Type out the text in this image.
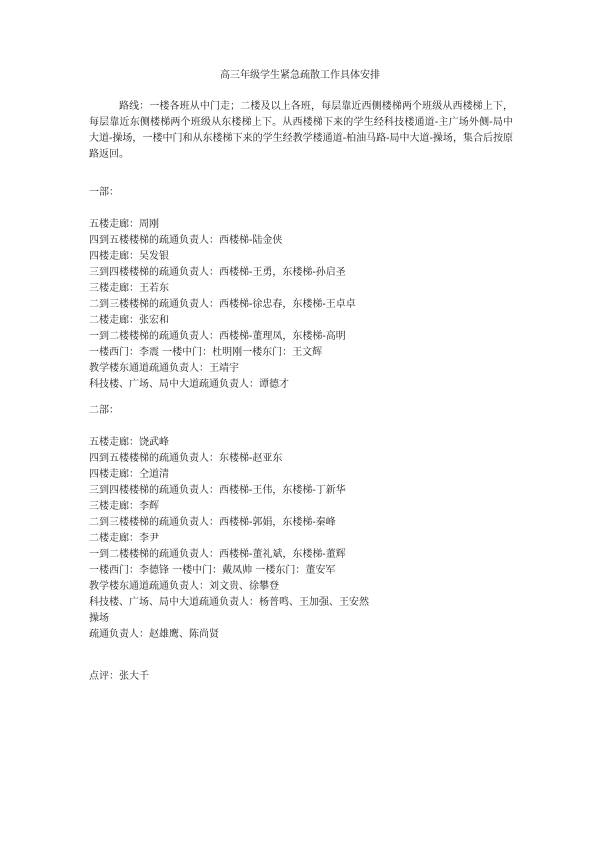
高三年级学生紧急疏散工作具体安排
路线：一楼各班从中门走；二楼及以上各班，每层靠近西侧楼梯两个班级从西楼梯上下，每层靠近东侧楼梯两个班级从东楼梯上下。从西楼梯下来的学生经科技楼通道-主广场外侧-局中大道-操场，一楼中门和从东楼梯下来的学生经教学楼通道-柏油马路-局中大道-操场，集合后按原路返回。
一部：
五楼走廊：周刚
四到五楼楼梯的疏通负责人：西楼梯-陆金侠
四楼走廊：吴发银
三到四楼楼梯的疏通负责人：西楼梯-王勇，东楼梯-孙启圣
三楼走廊：王若东
二到三楼楼梯的疏通负责人：西楼梯-徐忠春，东楼梯-王卓卓
二楼走廊：张宏和
一到二楼楼梯的疏通负责人：西楼梯-董理凤，东楼梯-高明
一楼西门：李震 一楼中门：杜明刚一楼东门：王文辉
教学楼东通道疏通负责人：王靖宇
科技楼、广场、局中大道疏通负责人：谭德才
二部：
五楼走廊：饶武峰
四到五楼楼梯的疏通负责人：东楼梯-赵亚东
四楼走廊：仝道清
三到四楼楼梯的疏通负责人：西楼梯-王伟，东楼梯-丁新华
三楼走廊：李辉
二到三楼楼梯的疏通负责人：西楼梯-郭娟，东楼梯-秦峰
二楼走廊：李尹
一到二楼楼梯的疏通负责人：西楼梯-董礼斌，东楼梯-董辉
一楼西门：李德锋 一楼中门：戴凤帅 一楼东门：董安军
教学楼东通道疏通负责人：刘文贵、徐攀登
科技楼、广场、局中大道疏通负责人：杨普鸣、王加强、王安然
操场
疏通负责人：赵雄鹰、陈尚贤
点评：张大千
